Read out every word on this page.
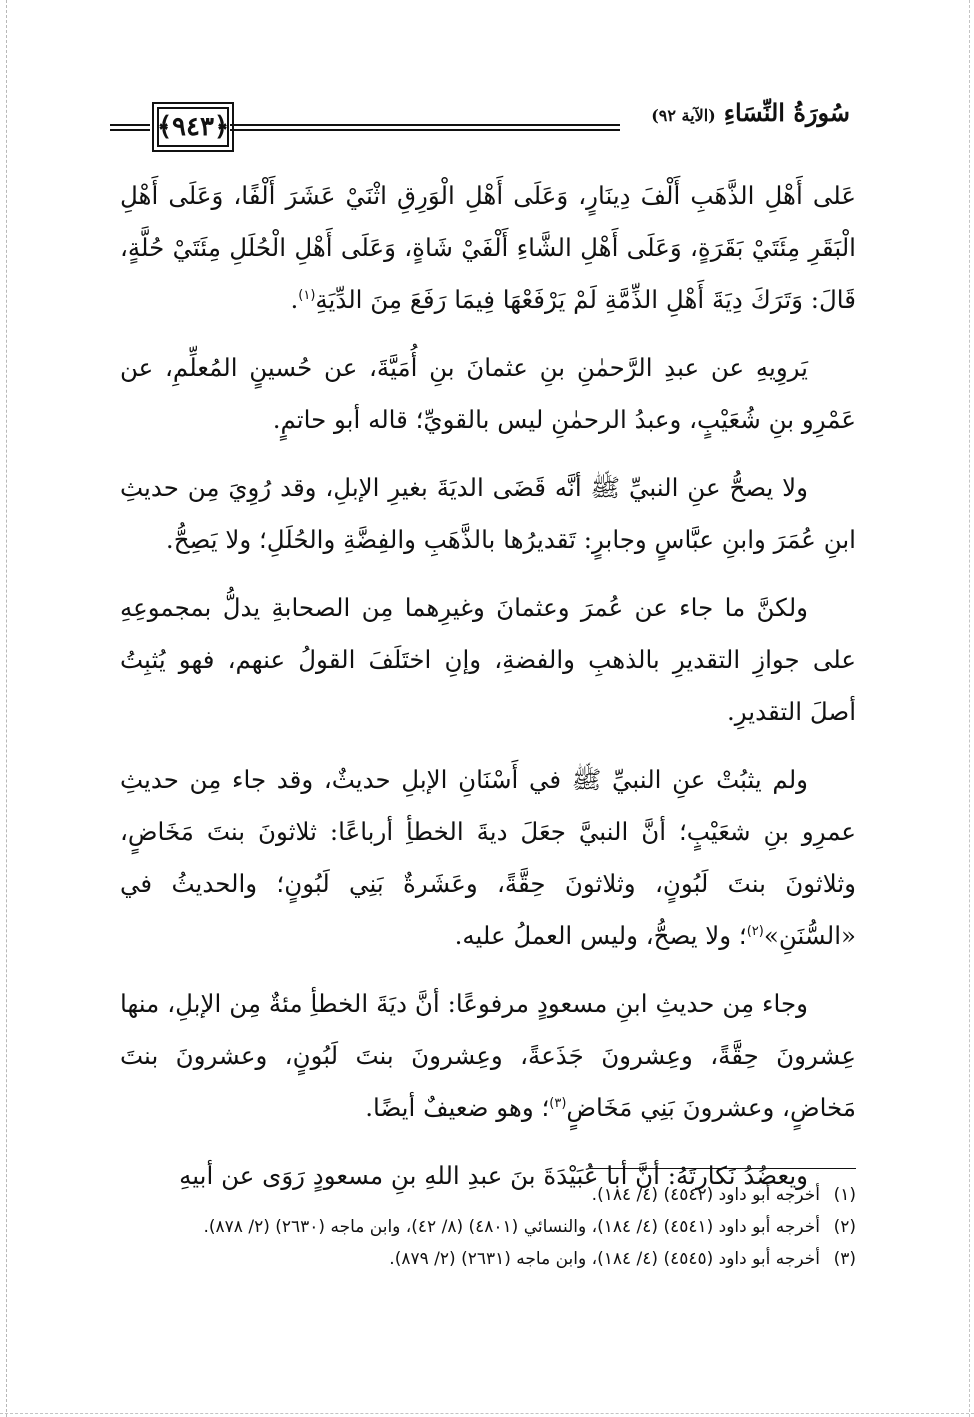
﴿٩٤٣﴾	سُورَةُ النِّسَاءِ
(الآية ٩٢)

عَلى أَهْلِ الذَّهَبِ أَلْفَ دِينَارٍ، وَعَلَى أَهْلِ الْوَرِقِ اثْنَيْ عَشَرَ أَلْفًا، وَعَلَى أَهْلِ الْبَقَرِ مِئَتَيْ بَقَرَةٍ، وَعَلَى أَهْلِ الشَّاءِ أَلْفَيْ شَاةٍ، وَعَلَى أَهْلِ الْحُلَلِ مِئَتَيْ حُلَّةٍ، قَالَ: وَتَرَكَ دِيَةَ أَهْلِ الذِّمَّةِ لَمْ يَرْفَعْهَا فِيمَا رَفَعَ مِنَ الدِّيَةِ$^{(١)}$.

يَروِيهِ عن عبدِ الرَّحمٰنِ بنِ عثمانَ بنِ أُمَيَّةَ، عن حُسينٍ المُعلِّمِ، عن عَمْرِو بنِ شُعَيْبٍ، وعبدُ الرحمٰنِ ليس بالقويِّ؛ قاله أبو حاتمٍ.

ولا يصحُّ عنِ النبيِّ ﷺ أنَّه قَضَى الديَةَ بغيرِ الإبلِ، وقد رُوِيَ مِن حديثِ ابنِ عُمَرَ وابنِ عبَّاسٍ وجابرٍ: تَقديرُها بالذَّهَبِ والفِضَّةِ والحُلَلِ؛ ولا يَصِحُّ.

ولكنَّ ما جاء عن عُمرَ وعثمانَ وغيرِهما مِن الصحابةِ يدلُّ بمجموعِهِ على جوازِ التقديرِ بالذهبِ والفضةِ، وإنِ اختَلَفَ القولُ عنهم، فهو يُثبِتُ أصلَ التقديرِ.

ولم يثبُتْ عنِ النبيِّ ﷺ في أَسْنَانِ الإبلِ حديثٌ، وقد جاء مِن حديثِ عمرِو بنِ شعَيْبٍ؛ أنَّ النبيَّ جعَلَ ديةَ الخطأِ أرباعًا: ثلاثونَ بنتَ مَخَاضٍ، وثلاثونَ بنتَ لَبُونٍ، وثلاثونَ حِقَّةً، وعَشَرةٌ بَنِي لَبُونٍ؛ والحديثُ في «السُّنَنِ»$^{(٢)}$؛ ولا يصحُّ، وليس العملُ عليه.

وجاء مِن حديثِ ابنِ مسعودٍ مرفوعًا: أنَّ ديَةَ الخطأِ مئةٌ مِن الإبلِ، منها عِشرونَ حِقَّةً، وعِشرونَ جَذَعةً، وعِشرونَ بنتَ لَبُونٍ، وعشرونَ بنتَ مَخاضٍ، وعشرونَ بَنِي مَخَاضٍ$^{(٣)}$؛ وهو ضعيفٌ أيضًا.

ويعضُدُ نَكارتَهُ: أنَّ أبا عُبَيْدَةَ بنَ عبدِ اللهِ بنِ مسعودٍ رَوَى عن أبيهِ

(١)
أخرجه أبو داود (٤٥٤٢) (٤/ ١٨٤).
(٢)
أخرجه أبو داود (٤٥٤١) (٤/ ١٨٤)، والنسائي (٤٨٠١) (٨/ ٤٢)، وابن ماجه (٢٦٣٠) (٢/ ٨٧٨).
(٣)
أخرجه أبو داود (٤٥٤٥) (٤/ ١٨٤)، وابن ماجه (٢٦٣١) (٢/ ٨٧٩).
